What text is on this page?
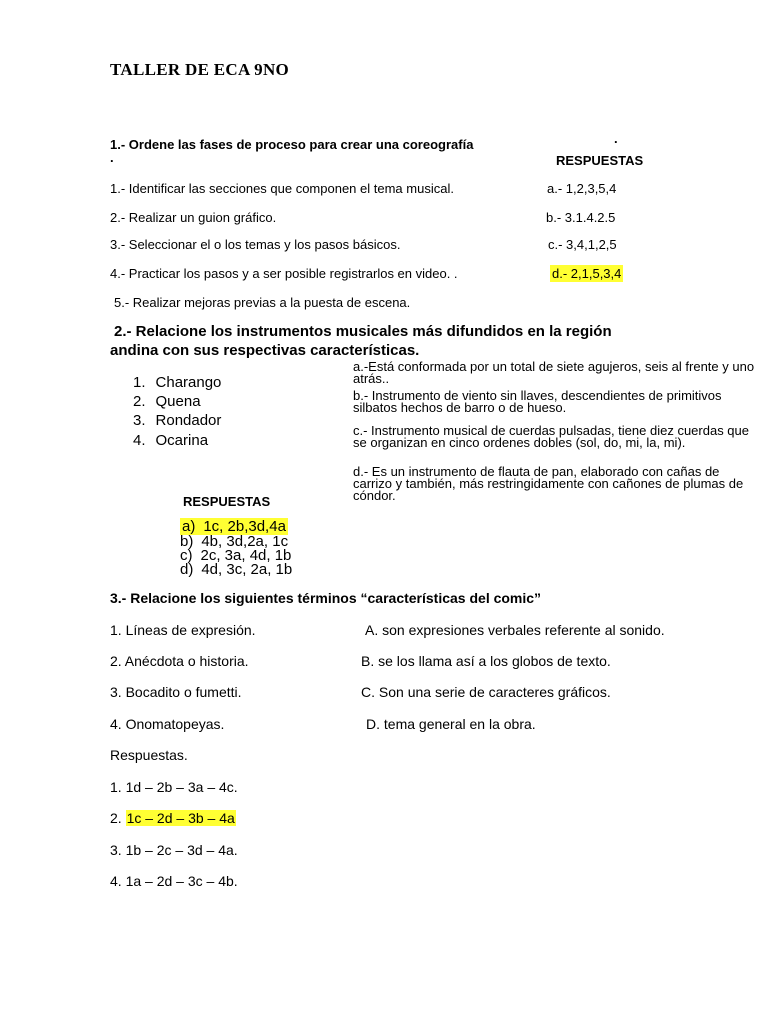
TALLER DE ECA 9NO
1.- Ordene las fases de proceso para crear una coreografía	.
.	RESPUESTAS
1.- Identificar las secciones que componen el tema musical.
2.- Realizar un guion gráfico.
3.- Seleccionar el o los temas y los pasos básicos.
4.- Practicar los pasos y a ser posible registrarlos en video. .
5.- Realizar mejoras previas a la puesta de escena.
a.- 1,2,3,5,4
b.- 3.1.4.2.5
c.- 3,4,1,2,5
d.- 2,1,5,3,4
2.- Relacione los instrumentos musicales más difundidos en la región
andina con sus respectivas características.
1. Charango
2. Quena
3. Rondador
4. Ocarina
a.-Está conformada por un total de siete agujeros, seis al frente y uno atrás..
b.- Instrumento de viento sin llaves, descendientes de primitivos silbatos hechos de barro o de hueso.
c.- Instrumento musical de cuerdas pulsadas, tiene diez cuerdas que se organizan en cinco ordenes dobles (sol, do, mi, la, mi).
d.- Es un instrumento de flauta de pan, elaborado con cañas de carrizo y también, más restringidamente con cañones de plumas de cóndor.
RESPUESTAS
a) 1c, 2b,3d,4a
b) 4b, 3d,2a, 1c
c) 2c, 3a, 4d, 1b
d) 4d, 3c, 2a, 1b
3.- Relacione los siguientes términos “características del comic”
1. Líneas de expresión.
2. Anécdota o historia.
3. Bocadito o fumetti.
4. Onomatopeyas.
A. son expresiones verbales referente al sonido.
B. se los llama así a los globos de texto.
C. Son una serie de caracteres gráficos.
D. tema general en la obra.
Respuestas.
1. 1d – 2b – 3a – 4c.
2. 1c – 2d – 3b – 4a
3. 1b – 2c – 3d – 4a.
4. 1a – 2d – 3c – 4b.
